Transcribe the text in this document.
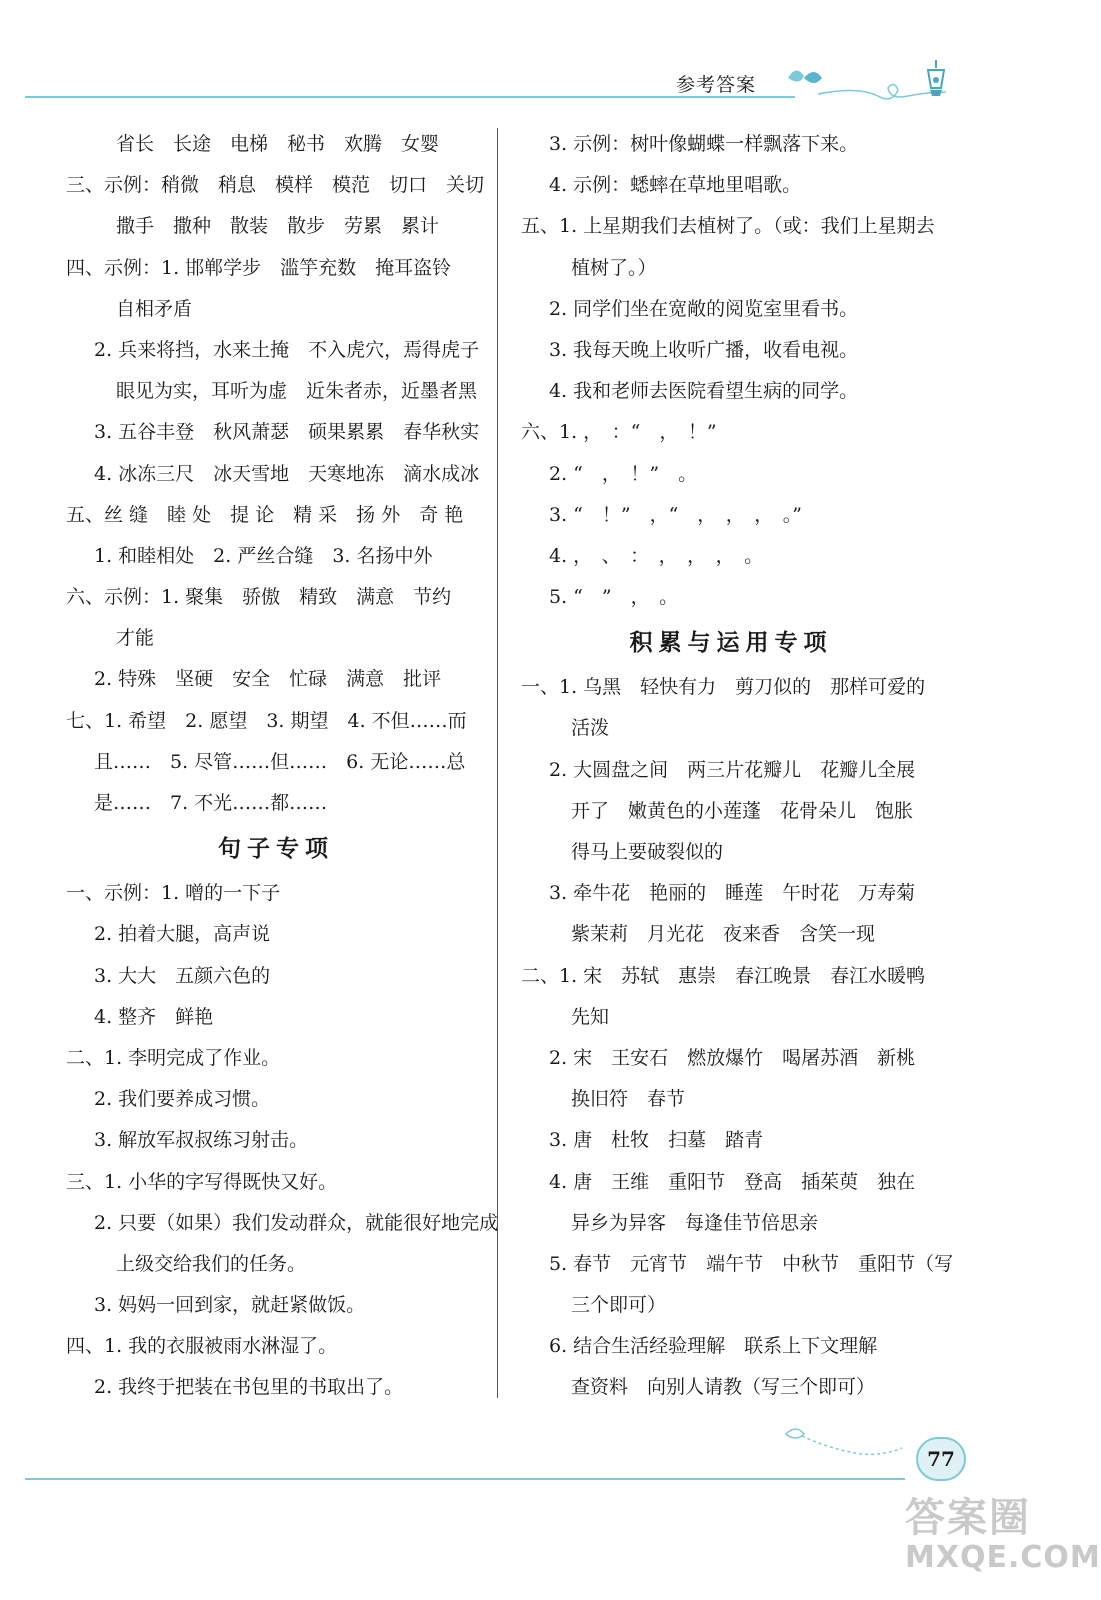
参考答案
省长　长途　电梯　秘书　欢腾　女婴
三、示例：稍微　稍息　模样　模范　切口　关切
撒手　撒种　散装　散步　劳累　累计
四、示例：1. 邯郸学步　滥竽充数　掩耳盗铃
自相矛盾
2. 兵来将挡，水来土掩　不入虎穴，焉得虎子
眼见为实，耳听为虚　近朱者赤，近墨者黑
3. 五谷丰登　秋风萧瑟　硕果累累　春华秋实
4. 冰冻三尺　冰天雪地　天寒地冻　滴水成冰
五、丝 缝　睦 处　提 论　精 采　扬 外　奇 艳
1. 和睦相处　2. 严丝合缝　3. 名扬中外
六、示例：1. 聚集　骄傲　精致　满意　节约
才能
2. 特殊　坚硬　安全　忙碌　满意　批评
七、1. 希望　2. 愿望　3. 期望　4. 不但……而
且……　5. 尽管……但……　6. 无论……总
是……　7. 不光……都……
句子专项
一、示例：1. 噌的一下子
2. 拍着大腿，高声说
3. 大大　五颜六色的
4. 整齐　鲜艳
二、1. 李明完成了作业。
2. 我们要养成习惯。
3. 解放军叔叔练习射击。
三、1. 小华的字写得既快又好。
2. 只要（如果）我们发动群众，就能很好地完成
上级交给我们的任务。
3. 妈妈一回到家，就赶紧做饭。
四、1. 我的衣服被雨水淋湿了。
2. 我终于把装在书包里的书取出了。
3. 示例：树叶像蝴蝶一样飘落下来。
4. 示例：蟋蟀在草地里唱歌。
五、1. 上星期我们去植树了。（或：我们上星期去
植树了。）
2. 同学们坐在宽敞的阅览室里看书。
3. 我每天晚上收听广播，收看电视。
4. 我和老师去医院看望生病的同学。
六、1. ，　：“　，　！”
2. “　，　！”　。
3. “　！”　，“　，　，　，　。”
4. ，　、　：　，　，　，　。
5. “　”　，　。
积累与运用专项
一、1. 乌黑　轻快有力　剪刀似的　那样可爱的
活泼
2. 大圆盘之间　两三片花瓣儿　花瓣儿全展
开了　嫩黄色的小莲蓬　花骨朵儿　饱胀
得马上要破裂似的
3. 牵牛花　艳丽的　睡莲　午时花　万寿菊
紫茉莉　月光花　夜来香　含笑一现
二、1. 宋　苏轼　惠崇　春江晚景　春江水暖鸭
先知
2. 宋　王安石　燃放爆竹　喝屠苏酒　新桃
换旧符　春节
3. 唐　杜牧　扫墓　踏青
4. 唐　王维　重阳节　登高　插茱萸　独在
异乡为异客　每逢佳节倍思亲
5. 春节　元宵节　端午节　中秋节　重阳节（写
三个即可）
6. 结合生活经验理解　联系上下文理解
查资料　向别人请教（写三个即可）
77
答案圈
MXQE.COM
